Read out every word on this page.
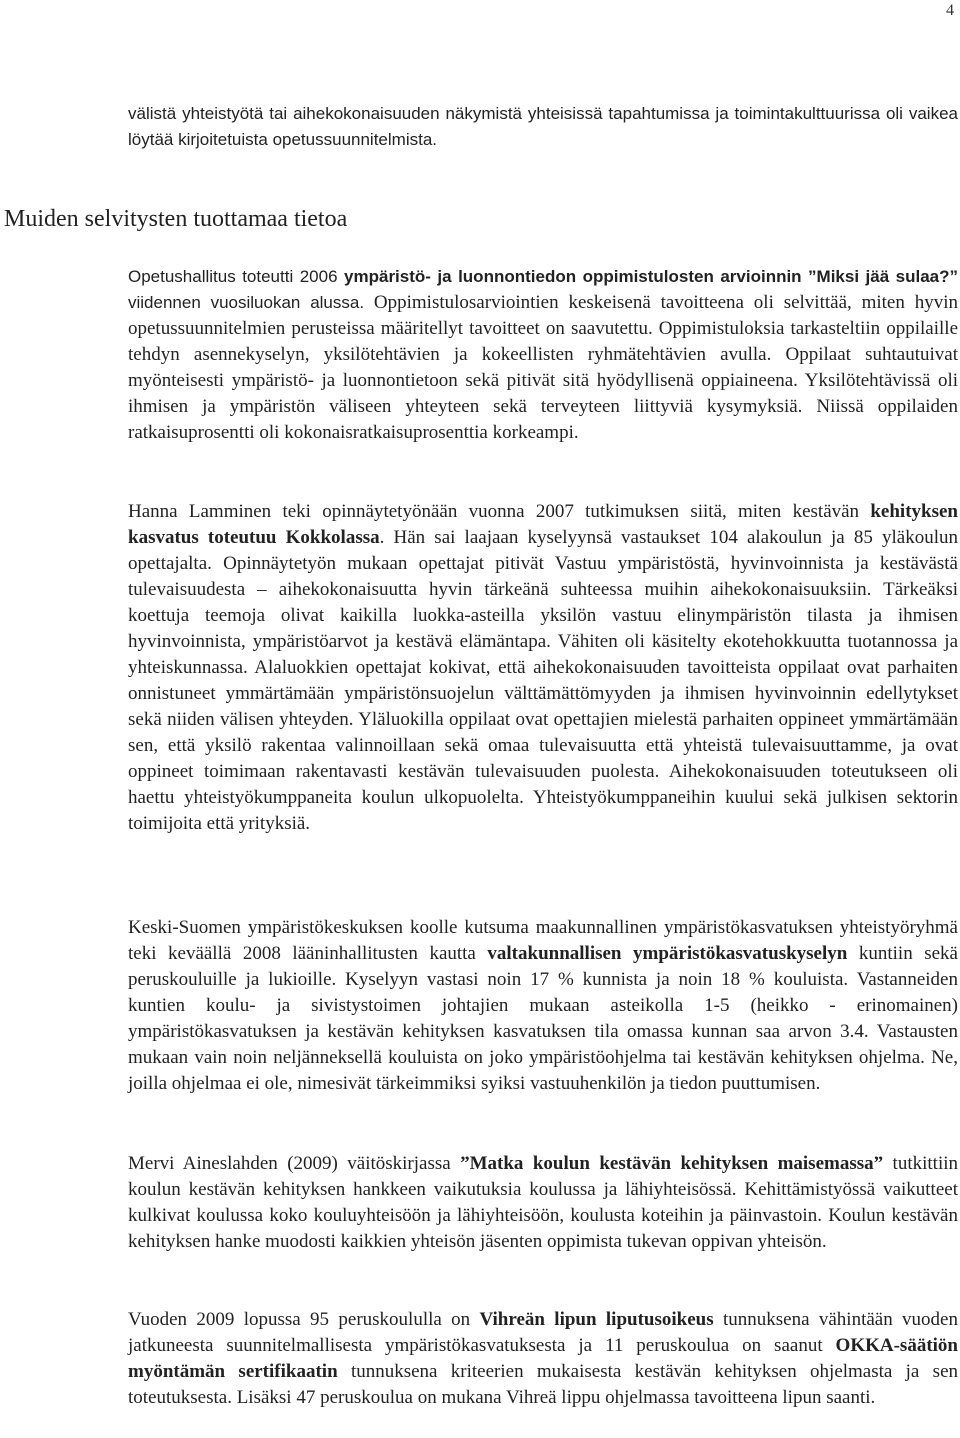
4

välistä yhteistyötä tai aihekokonaisuuden näkymistä yhteisissä tapahtumissa ja toimintakulttuurissa oli vaikea löytää kirjoitetuista opetussuunnitelmista.

Muiden selvitysten tuottamaa tietoa

Opetushallitus toteutti 2006 ympäristö- ja luonnontiedon oppimistulosten arvioinnin ”Miksi jää sulaa?” viidennen vuosiluokan alussa. Oppimistulosarviointien keskeisenä tavoitteena oli selvittää, miten hyvin opetussuunnitelmien perusteissa määritellyt tavoitteet on saavutettu. Oppimistuloksia tarkasteltiin oppilaille tehdyn asennekyselyn, yksilötehtävien ja kokeellisten ryhmätehtävien avulla. Oppilaat suhtautuivat myönteisesti ympäristö- ja luonnontietoon sekä pitivät sitä hyödyllisenä oppiaineena. Yksilötehtävissä oli ihmisen ja ympäristön väliseen yhteyteen sekä terveyteen liittyviä kysymyksiä. Niissä oppilaiden ratkaisuprosentti oli kokonaisratkaisuprosenttia korkeampi.

Hanna Lamminen teki opinnäytetyönään vuonna 2007 tutkimuksen siitä, miten kestävän kehityksen kasvatus toteutuu Kokkolassa. Hän sai laajaan kyselyynsä vastaukset 104 alakoulun ja 85 yläkoulun opettajalta. Opinnäytetyön mukaan opettajat pitivät Vastuu ympäristöstä, hyvinvoinnista ja kestävästä tulevaisuudesta – aihekokonaisuutta hyvin tärkeänä suhteessa muihin aihekokonaisuuksiin. Tärkeäksi koettuja teemoja olivat kaikilla luokka-asteilla yksilön vastuu elinympäristön tilasta ja ihmisen hyvinvoinnista, ympäristöarvot ja kestävä elämäntapa. Vähiten oli käsitelty ekotehokkuutta tuotannossa ja yhteiskunnassa. Alaluokkien opettajat kokivat, että aihekokonaisuuden tavoitteista oppilaat ovat parhaiten onnistuneet ymmärtämään ympäristönsuojelun välttämättömyyden ja ihmisen hyvinvoinnin edellytykset sekä niiden välisen yhteyden. Yläluokilla oppilaat ovat opettajien mielestä parhaiten oppineet ymmärtämään sen, että yksilö rakentaa valinnoillaan sekä omaa tulevaisuutta että yhteistä tulevaisuuttamme, ja ovat oppineet toimimaan rakentavasti kestävän tulevaisuuden puolesta. Aihekokonaisuuden toteutukseen oli haettu yhteistyökumppaneita koulun ulkopuolelta. Yhteistyökumppaneihin kuului sekä julkisen sektorin toimijoita että yrityksiä.

Keski-Suomen ympäristökeskuksen koolle kutsuma maakunnallinen ympäristökasvatuksen yhteistyöryhmä teki keväällä 2008 lääninhallitusten kautta valtakunnallisen ympäristökasvatuskyselyn kuntiin sekä peruskouluille ja lukioille. Kyselyyn vastasi noin 17 % kunnista ja noin 18 % kouluista. Vastanneiden kuntien koulu- ja sivistystoimen johtajien mukaan asteikolla 1-5 (heikko - erinomainen) ympäristökasvatuksen ja kestävän kehityksen kasvatuksen tila omassa kunnan saa arvon 3.4. Vastausten mukaan vain noin neljänneksellä kouluista on joko ympäristöohjelma tai kestävän kehityksen ohjelma. Ne, joilla ohjelmaa ei ole, nimesivät tärkeimmiksi syiksi vastuuhenkilön ja tiedon puuttumisen.

Mervi Aineslahden (2009) väitöskirjassa ”Matka koulun kestävän kehityksen maisemassa” tutkittiin koulun kestävän kehityksen hankkeen vaikutuksia koulussa ja lähiyhteisössä. Kehittämistyössä vaikutteet kulkivat koulussa koko kouluyhteisöön ja lähiyhteisöön, koulusta koteihin ja päinvastoin. Koulun kestävän kehityksen hanke muodosti kaikkien yhteisön jäsenten oppimista tukevan oppivan yhteisön.

Vuoden 2009 lopussa 95 peruskoululla on Vihreän lipun liputusoikeus tunnuksena vähintään vuoden jatkuneesta suunnitelmallisesta ympäristökasvatuksesta ja 11 peruskoulua on saanut OKKA-säätiön myöntämän sertifikaatin tunnuksena kriteerien mukaisesta kestävän kehityksen ohjelmasta ja sen toteutuksesta. Lisäksi 47 peruskoulua on mukana Vihreä lippu ohjelmassa tavoitteena lipun saanti.
